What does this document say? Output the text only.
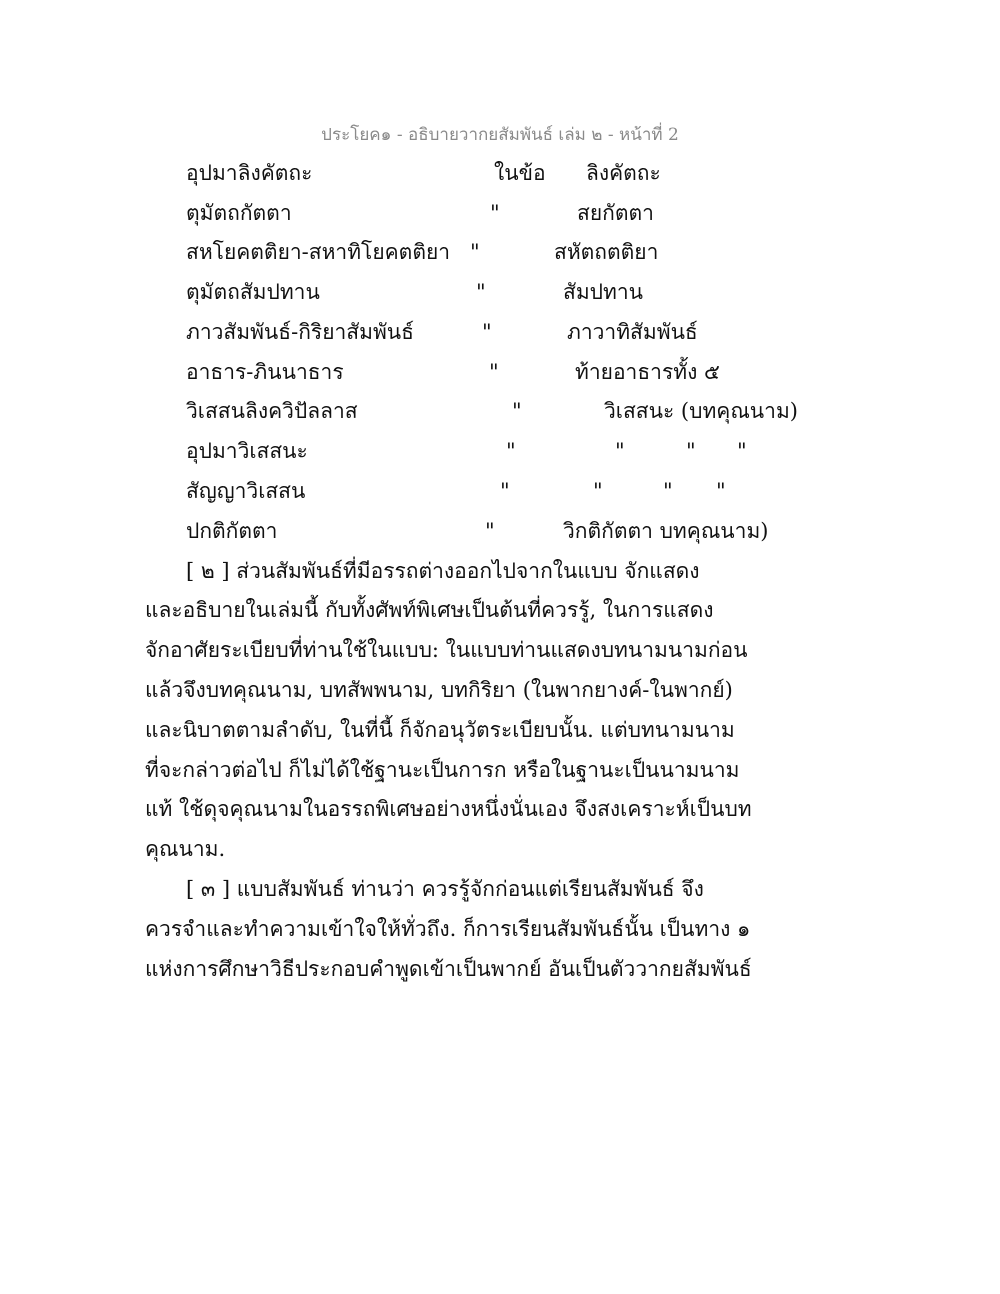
ประโยค๑ - อธิบายวากยสัมพันธ์ เล่ม ๒ - หน้าที่ 2
อุปมาลิงคัตถะ	ในข้อ ลิงคัตถะ
ตุมัตถกัตตา	"	สยกัตตา
สหโยคตติยา-สหาทิโยคตติยา "	สหัตถตติยา
ตุมัตถสัมปทาน	"	สัมปทาน
ภาวสัมพันธ์-กิริยาสัมพันธ์	"	ภาวาทิสัมพันธ์
อาธาร-ภินนาธาร	"	ท้ายอาธารทั้ง ๕
วิเสสนลิงควิปัลลาส	"	วิเสสนะ (บทคุณนาม)
อุปมาวิเสสนะ	"	"	" "
สัญญาวิเสสน	"	"	" "
ปกติกัตตา	"	วิกติกัตตา บทคุณนาม)
[ ๒ ] ส่วนสัมพันธ์ที่มีอรรถต่างออกไปจากในแบบ จักแสดง
และอธิบายในเล่มนี้ กับทั้งศัพท์พิเศษเป็นต้นที่ควรรู้, ในการแสดง
จักอาศัยระเบียบที่ท่านใช้ในแบบ: ในแบบท่านแสดงบทนามนามก่อน
แล้วจึงบทคุณนาม, บทสัพพนาม, บทกิริยา (ในพากยางค์-ในพากย์)
และนิบาตตามลำดับ, ในที่นี้ ก็จักอนุวัตระเบียบนั้น. แต่บทนามนาม
ที่จะกล่าวต่อไป ก็ไม่ได้ใช้ฐานะเป็นการก หรือในฐานะเป็นนามนาม
แท้ ใช้ดุจคุณนามในอรรถพิเศษอย่างหนึ่งนั่นเอง จึงสงเคราะห์เป็นบท
คุณนาม.
[ ๓ ] แบบสัมพันธ์ ท่านว่า ควรรู้จักก่อนแต่เรียนสัมพันธ์ จึง
ควรจำและทำความเข้าใจให้ทั่วถึง. ก็การเรียนสัมพันธ์นั้น เป็นทาง ๑
แห่งการศึกษาวิธีประกอบคำพูดเข้าเป็นพากย์ อันเป็นตัววากยสัมพันธ์
